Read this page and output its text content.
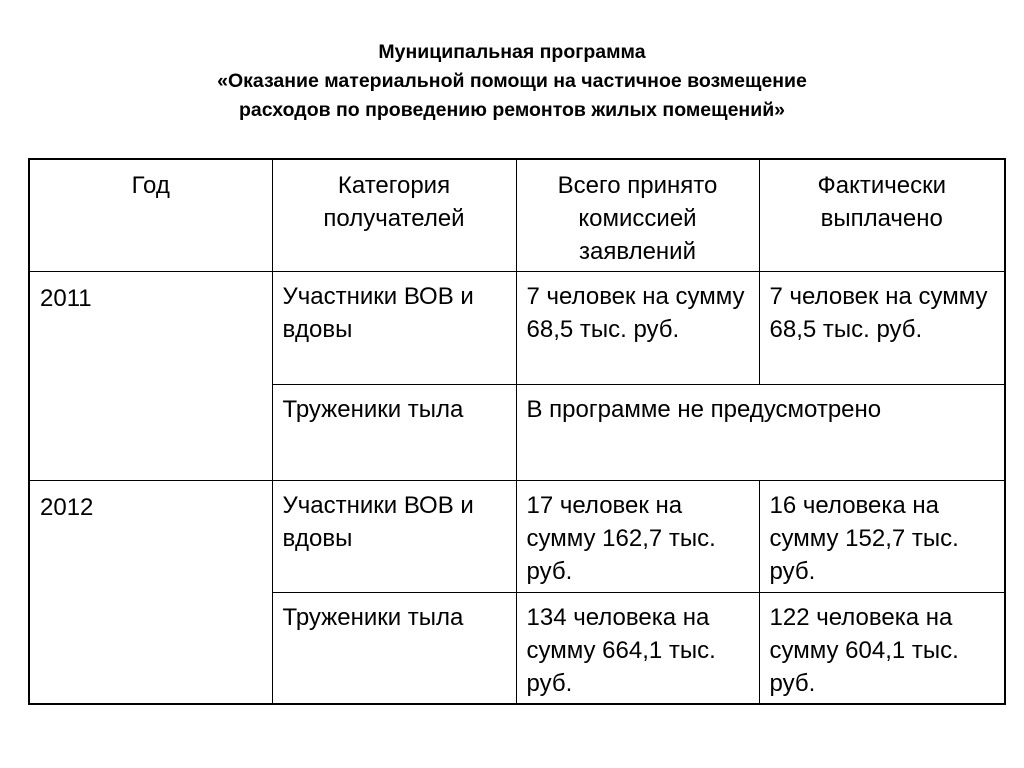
Муниципальная программа
«Оказание материальной помощи на частичное возмещение
расходов по проведению ремонтов жилых помещений»
Год	Категория получателей	Всего принято комиссией заявлений	Фактически выплачено
2011	Участники ВОВ и вдовы	7 человек на сумму 68,5 тыс. руб.	7 человек на сумму 68,5 тыс. руб.
	Труженики тыла	В программе не предусмотрено	
2012	Участники ВОВ и вдовы	17 человек на сумму 162,7 тыс. руб.	16 человека на сумму 152,7 тыс. руб.
	Труженики тыла	134 человека на сумму 664,1 тыс. руб.	122 человека на сумму 604,1 тыс. руб.
